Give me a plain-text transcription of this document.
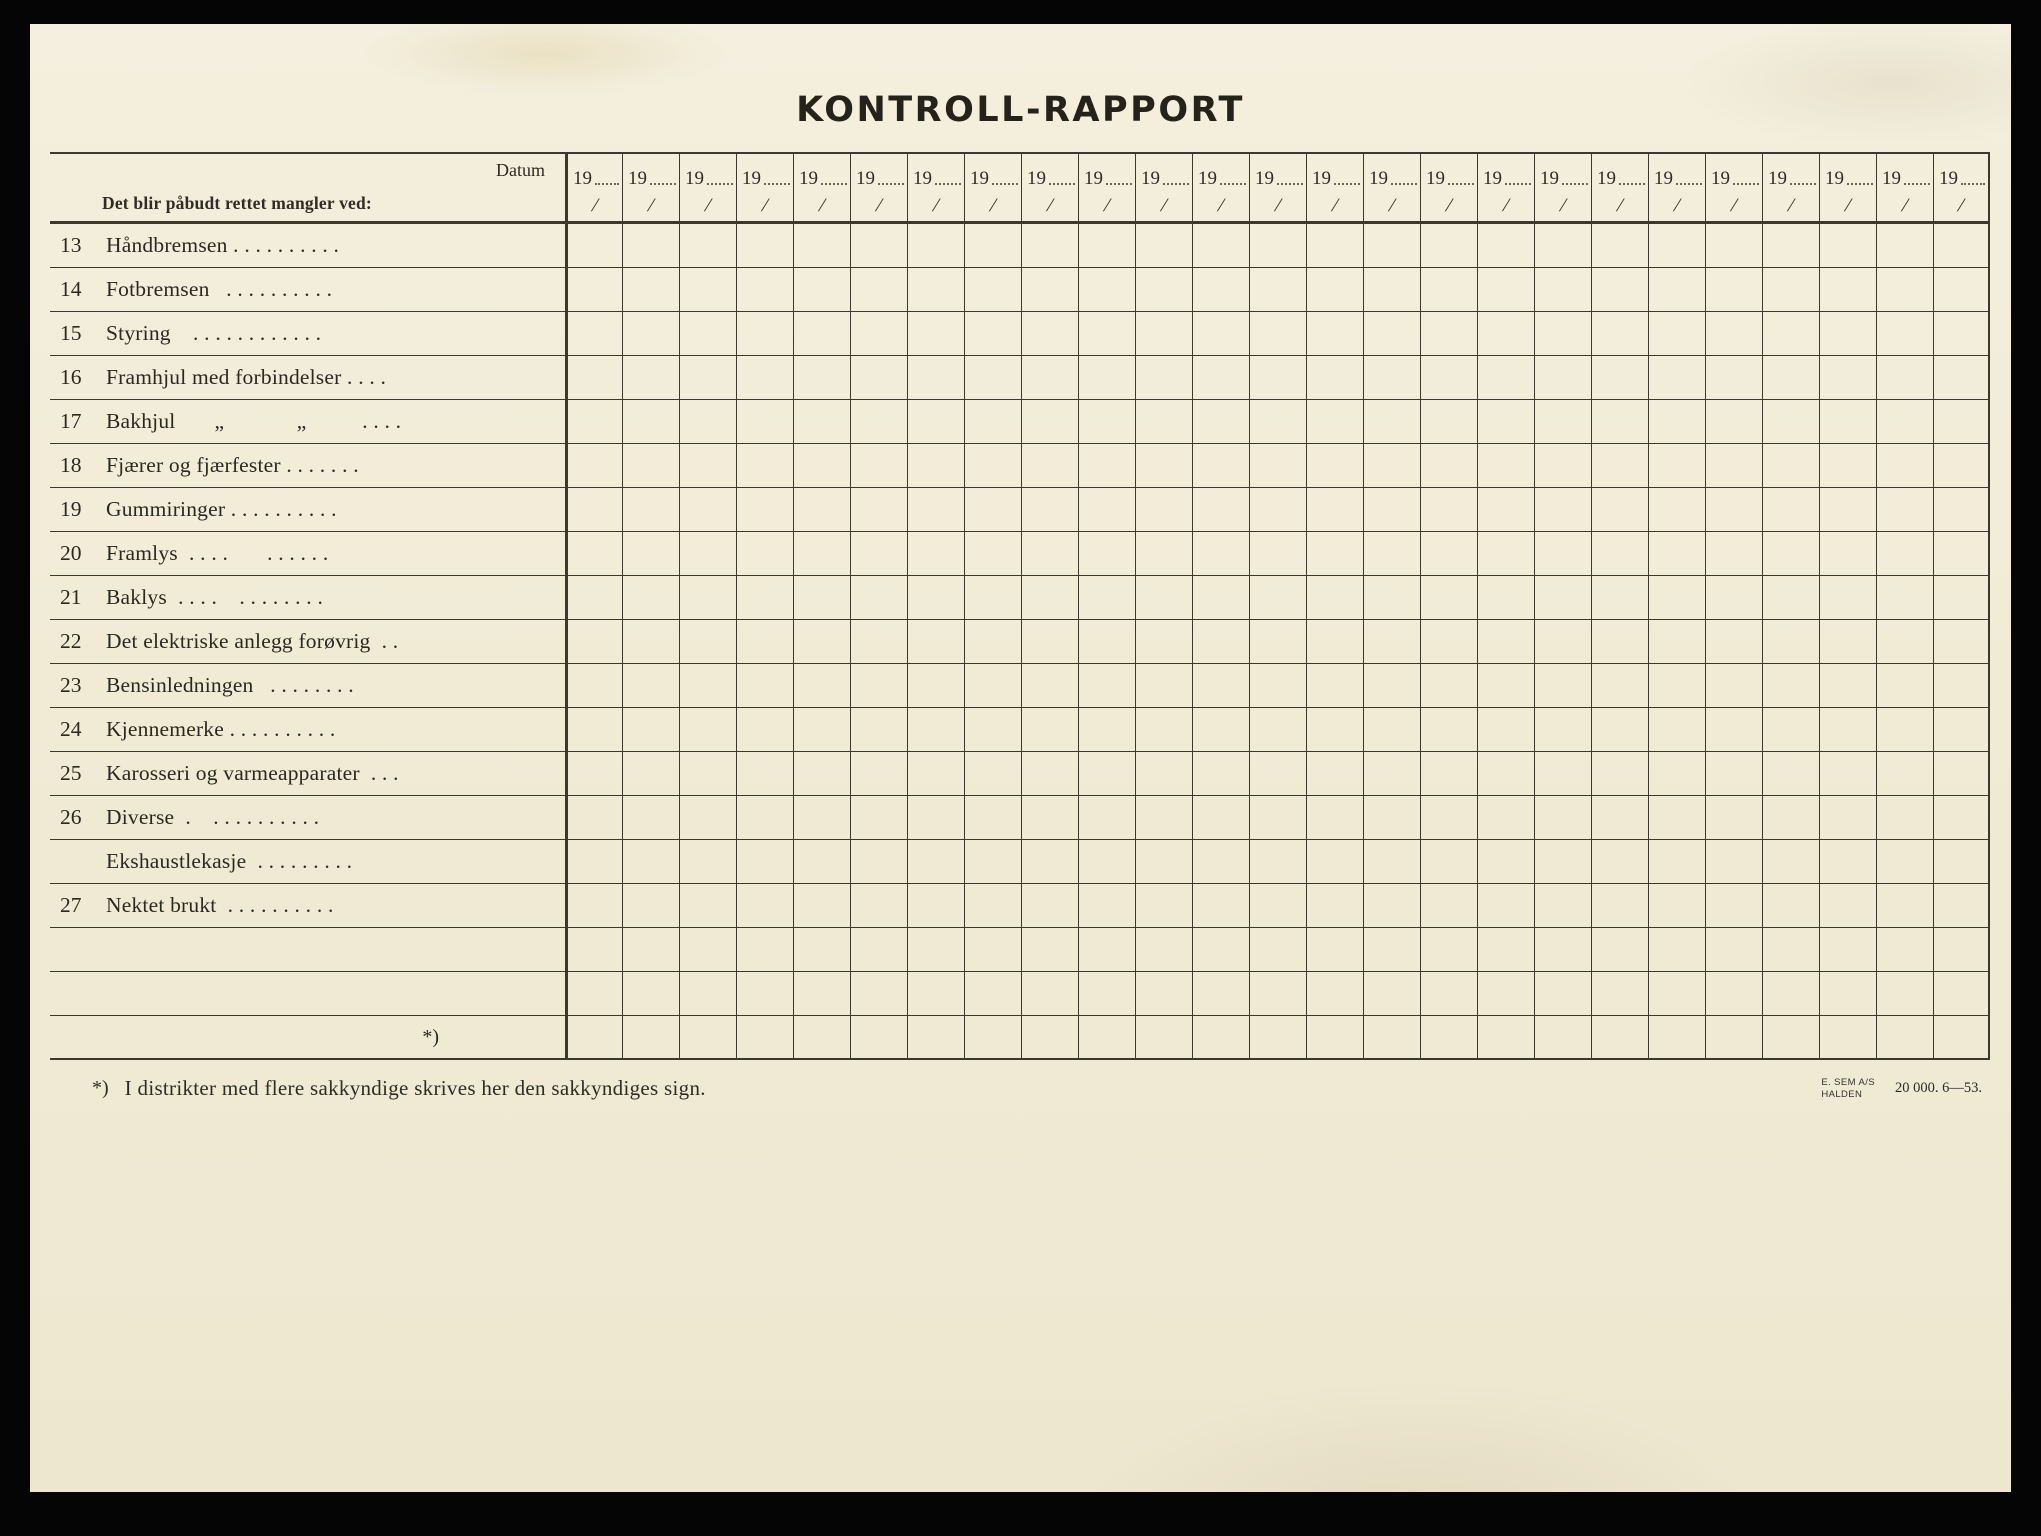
KONTROLL-RAPPORT
Datum
Det blir påbudt rettet mangler ved:
19
/
19
/
19
/
19
/
19
/
19
/
19
/
19
/
19
/
19
/
19
/
19
/
19
/
19
/
19
/
19
/
19
/
19
/
19
/
19
/
19
/
19
/
19
/
19
/
19
/
13	Håndbremsen . . . . . . . . . .
14	Fotbremsen   . . . . . . . . . .
15	Styring    . . . . . . . . . . . .
16	Framhjul med forbindelser . . . .
17	Bakhjul       „             „          . . . .
18	Fjærer og fjærfester . . . . . . .
19	Gummiringer . . . . . . . . . .
20	Framlys  . . . .       . . . . . .
21	Baklys  . . . .    . . . . . . . .
22	Det elektriske anlegg forøvrig  . .
23	Bensinledningen   . . . . . . . .
24	Kjennemerke . . . . . . . . . .
25	Karosseri og varmeapparater  . . .
26	Diverse  .    . . . . . . . . . .
Ekshaustlekasje  . . . . . . . . .
27	Nektet brukt  . . . . . . . . . .
*)
*) I distrikter med flere sakkyndige skrives her den sakkyndiges sign.	E. SEM A/S
HALDEN	20 000. 6—53.
